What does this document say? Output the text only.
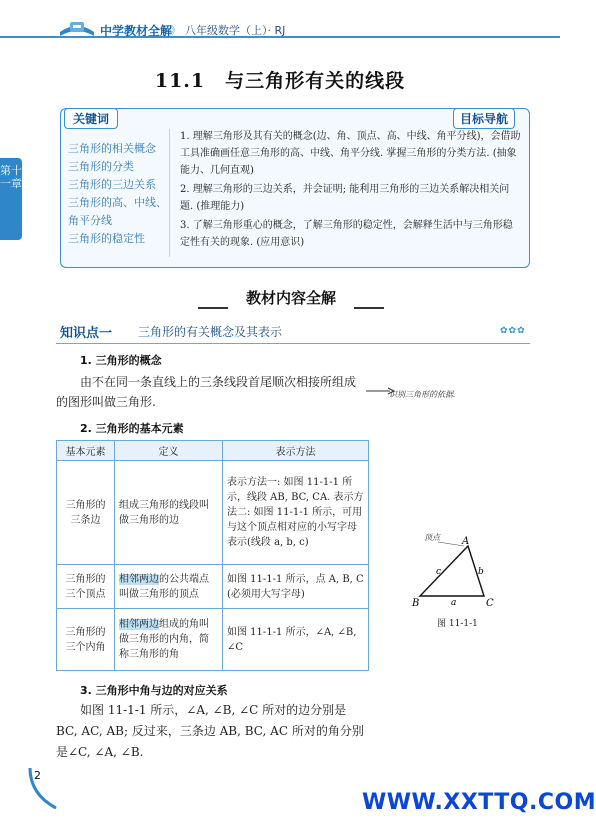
中学教材全解
》 八年级数学（上）· RJ
第十一章
11.1　与三角形有关的线段
关键词	目标导航
三角形的相关概念
三角形的分类
三角形的三边关系
三角形的高、中线、
角平分线
三角形的稳定性
1. 理解三角形及其有关的概念(边、角、顶点、高、中线、角平分线)，会借助工具准确画任意三角形的高、中线、角平分线. 掌握三角形的分类方法. (抽象能力、几何直观)
2. 理解三角形的三边关系，并会证明; 能利用三角形的三边关系解决相关问题. (推理能力)
3. 了解三角形重心的概念，了解三角形的稳定性，会解释生活中与三角形稳定性有关的现象. (应用意识)
教材内容全解
知识点一 三角形的有关概念及其表示	✿✿✿
1. 三角形的概念
由不在同一条直线上的三条线段首尾顺次相接所组成的图形叫做三角形.
识别三角形的依据.
2. 三角形的基本元素
基本元素	定义	表示方法
三角形的三条边	组成三角形的线段叫做三角形的边	表示方法一: 如图 11-1-1 所示，线段 AB, BC, CA. 表示方法二: 如图 11-1-1 所示，可用与这个顶点相对应的小写字母表示(线段 a, b, c)
三角形的三个顶点	相邻两边的公共端点叫做三角形的顶点	如图 11-1-1 所示，点 A, B, C (必须用大写字母)
三角形的三个内角	相邻两边组成的角叫做三角形的内角，简称三角形的角	如图 11-1-1 所示，∠A, ∠B, ∠C
顶点 A
B	C
a
b
c
图 11-1-1
3. 三角形中角与边的对应关系
如图 11-1-1 所示，∠A, ∠B, ∠C 所对的边分别是 BC, AC, AB; 反过来，三条边 AB, BC, AC 所对的角分别是∠C, ∠A, ∠B.
2
WWW.XXTTQ.COM
